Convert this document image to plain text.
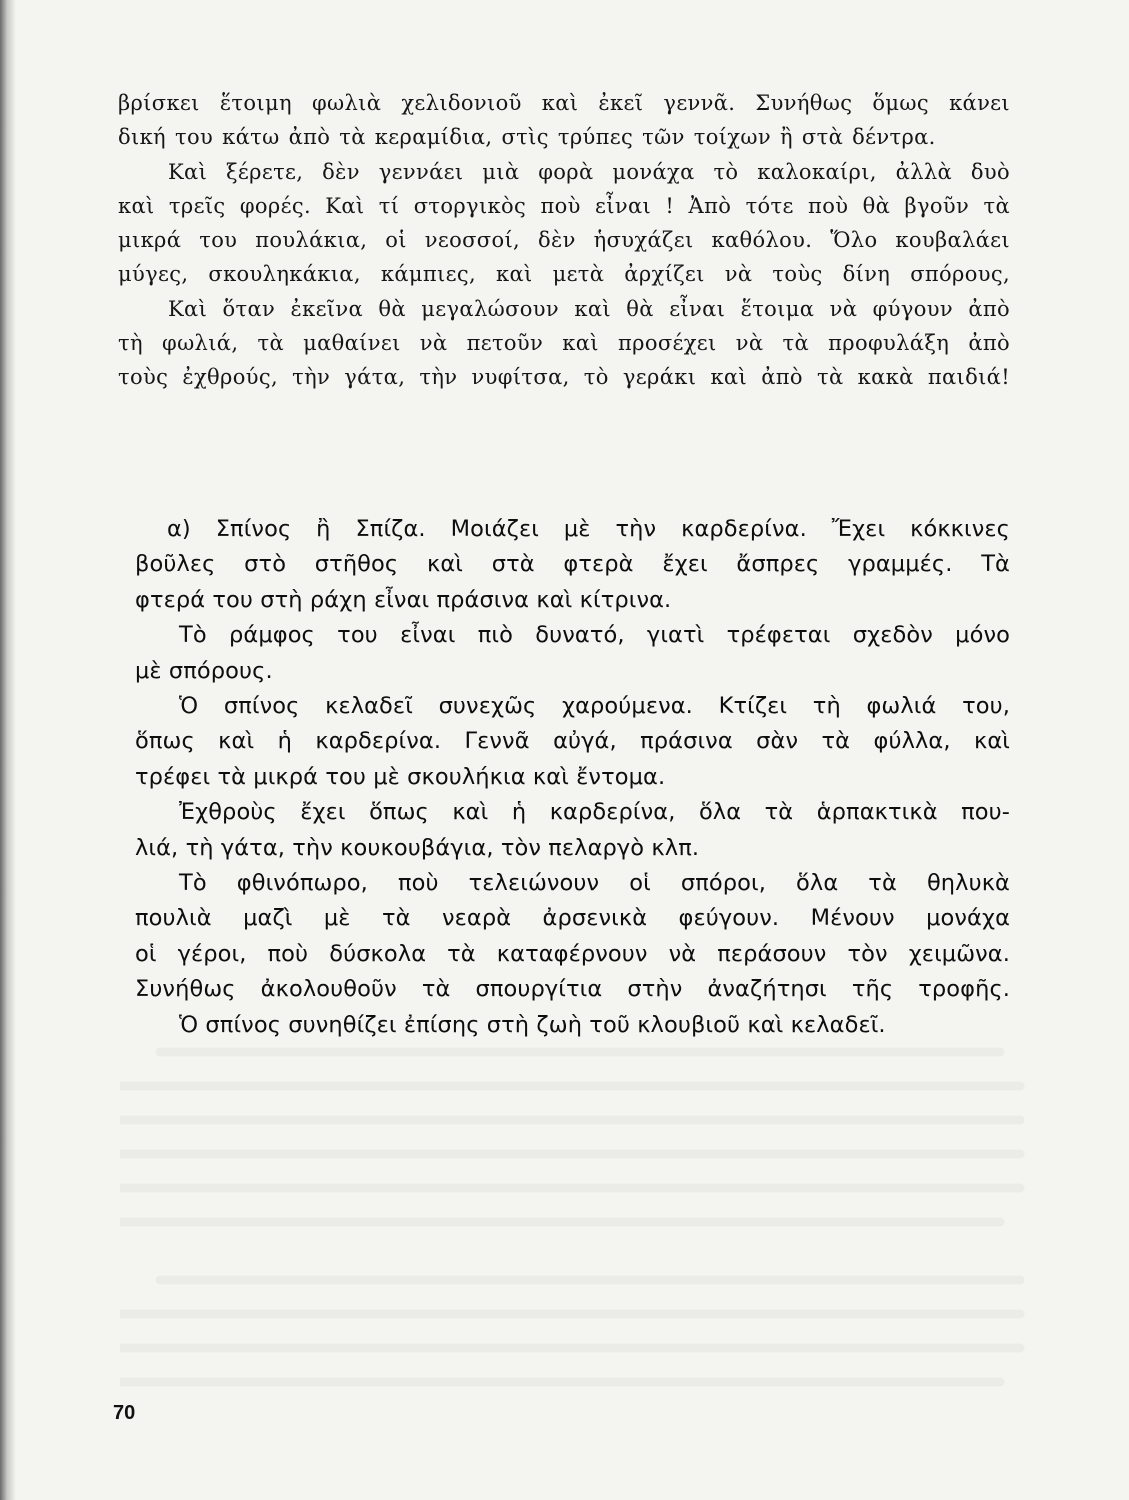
βρίσκει ἕτοιμη φωλιὰ χελιδονιοῦ καὶ ἐκεῖ γεννᾶ. Συνήθως ὅμως κάνει
δική του κάτω ἀπὸ τὰ κεραμίδια, στὶς τρύπες τῶν τοίχων ἢ στὰ δέντρα.
Καὶ ξέρετε, δὲν γεννάει μιὰ φορὰ μονάχα τὸ καλοκαίρι, ἀλλὰ δυὸ
καὶ τρεῖς φορές. Καὶ τί στοργικὸς ποὺ εἶναι ! Ἀπὸ τότε ποὺ θὰ βγοῦν τὰ
μικρά του πουλάκια, οἱ νεοσσοί, δὲν ἡσυχάζει καθόλου. Ὅλο κουβαλάει
μύγες, σκουληκάκια, κάμπιες, καὶ μετὰ ἀρχίζει νὰ τοὺς δίνη σπόρους,
Καὶ ὅταν ἐκεῖνα θὰ μεγαλώσουν καὶ θὰ εἶναι ἕτοιμα νὰ φύγουν ἀπὸ
τὴ φωλιά, τὰ μαθαίνει νὰ πετοῦν καὶ προσέχει νὰ τὰ προφυλάξη ἀπὸ
τοὺς ἐχθρούς, τὴν γάτα, τὴν νυφίτσα, τὸ γεράκι καὶ ἀπὸ τὰ κακὰ παιδιά!
α) Σπίνος ἢ Σπίζα. Μοιάζει μὲ τὴν καρδερίνα. Ἔχει κόκκινες
βοῦλες στὸ στῆθος καὶ στὰ φτερὰ ἔχει ἄσπρες γραμμές. Τὰ
φτερά του στὴ ράχη εἶναι πράσινα καὶ κίτρινα.
Τὸ ράμφος του εἶναι πιὸ δυνατό, γιατὶ τρέφεται σχεδὸν μόνο
μὲ σπόρους.
Ὁ σπίνος κελαδεῖ συνεχῶς χαρούμενα. Κτίζει τὴ φωλιά του,
ὅπως καὶ ἡ καρδερίνα. Γεννᾶ αὐγά, πράσινα σὰν τὰ φύλλα, καὶ
τρέφει τὰ μικρά του μὲ σκουλήκια καὶ ἔντομα.
Ἐχθροὺς ἔχει ὅπως καὶ ἡ καρδερίνα, ὅλα τὰ ἁρπακτικὰ που-
λιά, τὴ γάτα, τὴν κουκουβάγια, τὸν πελαργὸ κλπ.
Τὸ φθινόπωρο, ποὺ τελειώνουν οἱ σπόροι, ὅλα τὰ θηλυκὰ
πουλιὰ μαζὶ μὲ τὰ νεαρὰ ἀρσενικὰ φεύγουν. Μένουν μονάχα
οἱ γέροι, ποὺ δύσκολα τὰ καταφέρνουν νὰ περάσουν τὸν χειμῶνα.
Συνήθως ἀκολουθοῦν τὰ σπουργίτια στὴν ἀναζήτησι τῆς τροφῆς.
Ὁ σπίνος συνηθίζει ἐπίσης στὴ ζωὴ τοῦ κλουβιοῦ καὶ κελαδεῖ.
70
